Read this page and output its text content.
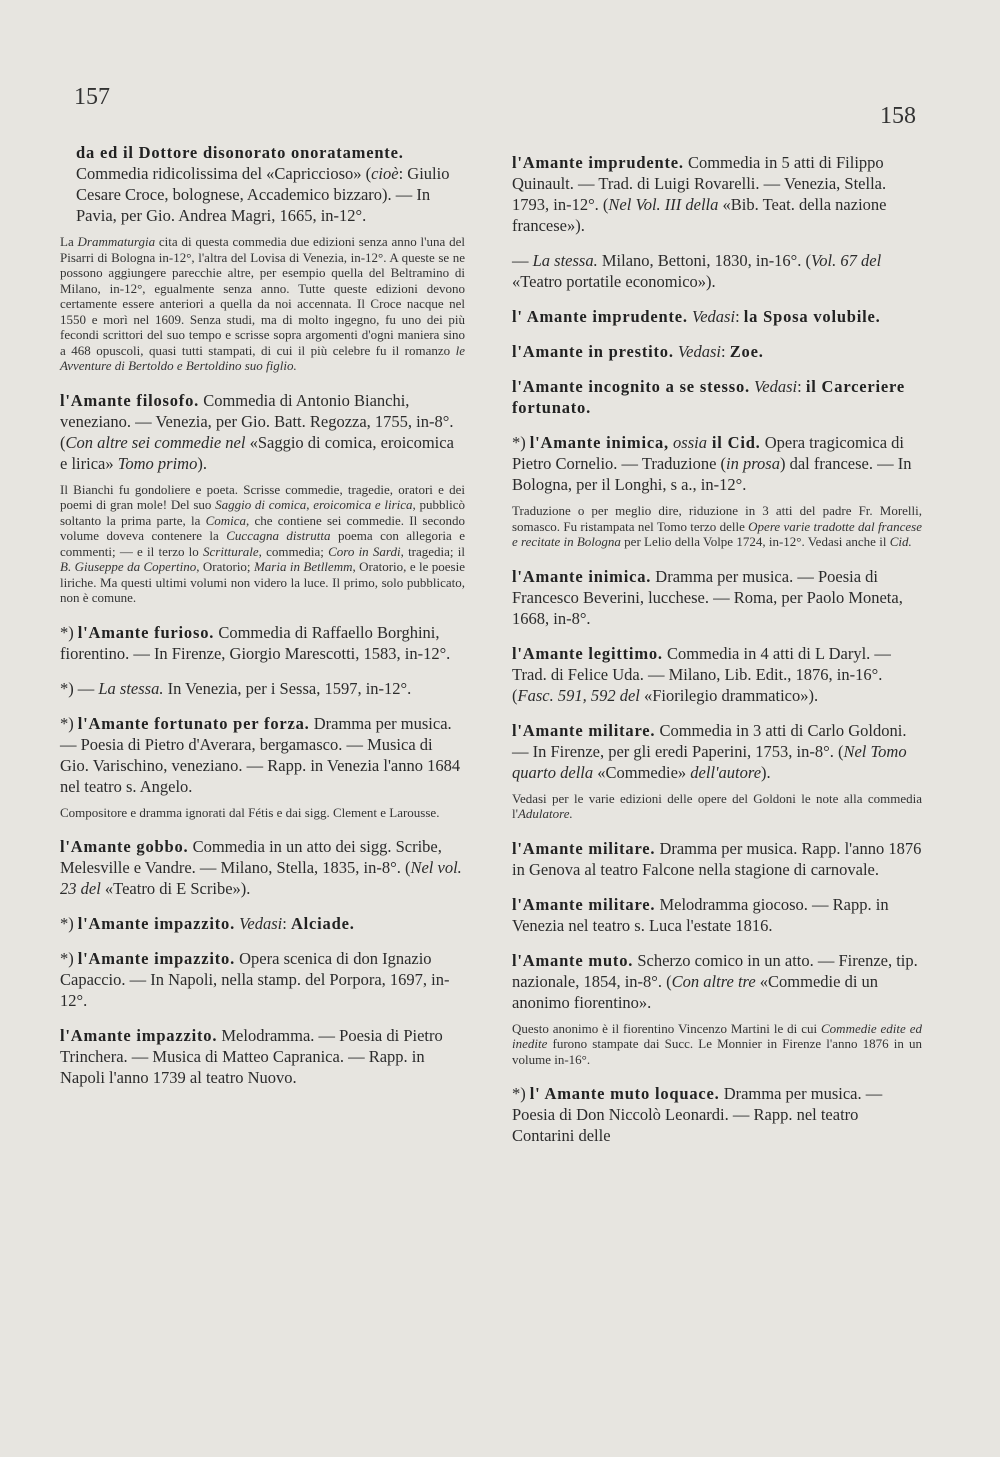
157
158
da ed il Dottore disonorato onoratamente. Commedia ridicolissima del «Capriccioso» (cioè: Giulio Cesare Croce, bolognese, Accademico bizzaro). — In Pavia, per Gio. Andrea Magri, 1665, in-12°.
La Drammaturgia cita di questa commedia due edizioni senza anno l'una del Pisarri di Bologna in-12°, l'altra del Lovisa di Venezia, in-12°. A queste se ne possono aggiungere parecchie altre, per esempio quella del Beltramino di Milano, in-12°, egualmente senza anno. Tutte queste edizioni devono certamente essere anteriori a quella da noi accennata. Il Croce nacque nel 1550 e morì nel 1609. Senza studi, ma di molto ingegno, fu uno dei più fecondi scrittori del suo tempo e scrisse sopra argomenti d'ogni maniera sino a 468 opuscoli, quasi tutti stampati, di cui il più celebre fu il romanzo le Avventure di Bertoldo e Bertoldino suo figlio.
l'Amante filosofo. Commedia di Antonio Bianchi, veneziano. — Venezia, per Gio. Batt. Regozza, 1755, in-8°. (Con altre sei commedie nel «Saggio di comica, eroicomica e lirica» Tomo primo).
Il Bianchi fu gondoliere e poeta. Scrisse commedie, tragedie, oratori e dei poemi di gran mole! Del suo Saggio di comica, eroicomica e lirica, pubblicò soltanto la prima parte, la Comica, che contiene sei commedie. Il secondo volume doveva contenere la Cuccagna distrutta poema con allegoria e commenti; — e il terzo lo Scritturale, commedia; Coro in Sardi, tragedia; il B. Giuseppe da Copertino, Oratorio; Maria in Betllemm, Oratorio, e le poesie liriche. Ma questi ultimi volumi non videro la luce. Il primo, solo pubblicato, non è comune.
*) l'Amante furioso. Commedia di Raffaello Borghini, fiorentino. — In Firenze, Giorgio Marescotti, 1583, in-12°.
*) — La stessa. In Venezia, per i Sessa, 1597, in-12°.
*) l'Amante fortunato per forza. Dramma per musica. — Poesia di Pietro d'Averara, bergamasco. — Musica di Gio. Varischino, veneziano. — Rapp. in Venezia l'anno 1684 nel teatro s. Angelo.
Compositore e dramma ignorati dal Fétis e dai sigg. Clement e Larousse.
l'Amante gobbo. Commedia in un atto dei sigg. Scribe, Melesville e Vandre. — Milano, Stella, 1835, in-8°. (Nel vol. 23 del «Teatro di E Scribe»).
*) l'Amante impazzito. Vedasi: Alciade.
*) l'Amante impazzito. Opera scenica di don Ignazio Capaccio. — In Napoli, nella stamp. del Porpora, 1697, in-12°.
l'Amante impazzito. Melodramma. — Poesia di Pietro Trinchera. — Musica di Matteo Capranica. — Rapp. in Napoli l'anno 1739 al teatro Nuovo.
l'Amante imprudente. Commedia in 5 atti di Filippo Quinault. — Trad. di Luigi Rovarelli. — Venezia, Stella. 1793, in-12°. (Nel Vol. III della «Bib. Teat. della nazione francese»).
— La stessa. Milano, Bettoni, 1830, in-16°. (Vol. 67 del «Teatro portatile economico»).
l' Amante imprudente. Vedasi: la Sposa volubile.
l'Amante in prestito. Vedasi: Zoe.
l'Amante incognito a se stesso. Vedasi: il Carceriere fortunato.
*) l'Amante inimica, ossia il Cid. Opera tragicomica di Pietro Cornelio. — Traduzione (in prosa) dal francese. — In Bologna, per il Longhi, s a., in-12°.
Traduzione o per meglio dire, riduzione in 3 atti del padre Fr. Morelli, somasco. Fu ristampata nel Tomo terzo delle Opere varie tradotte dal francese e recitate in Bologna per Lelio della Volpe 1724, in-12°. Vedasi anche il Cid.
l'Amante inimica. Dramma per musica. — Poesia di Francesco Beverini, lucchese. — Roma, per Paolo Moneta, 1668, in-8°.
l'Amante legittimo. Commedia in 4 atti di L Daryl. — Trad. di Felice Uda. — Milano, Lib. Edit., 1876, in-16°. (Fasc. 591, 592 del «Fiorilegio drammatico»).
l'Amante militare. Commedia in 3 atti di Carlo Goldoni. — In Firenze, per gli eredi Paperini, 1753, in-8°. (Nel Tomo quarto della «Commedie» dell'autore).
Vedasi per le varie edizioni delle opere del Goldoni le note alla commedia l'Adulatore.
l'Amante militare. Dramma per musica. Rapp. l'anno 1876 in Genova al teatro Falcone nella stagione di carnovale.
l'Amante militare. Melodramma giocoso. — Rapp. in Venezia nel teatro s. Luca l'estate 1816.
l'Amante muto. Scherzo comico in un atto. — Firenze, tip. nazionale, 1854, in-8°. (Con altre tre «Commedie di un anonimo fiorentino».
Questo anonimo è il fiorentino Vincenzo Martini le di cui Commedie edite ed inedite furono stampate dai Succ. Le Monnier in Firenze l'anno 1876 in un volume in-16°.
*) l' Amante muto loquace. Dramma per musica. — Poesia di Don Niccolò Leonardi. — Rapp. nel teatro Contarini delle
